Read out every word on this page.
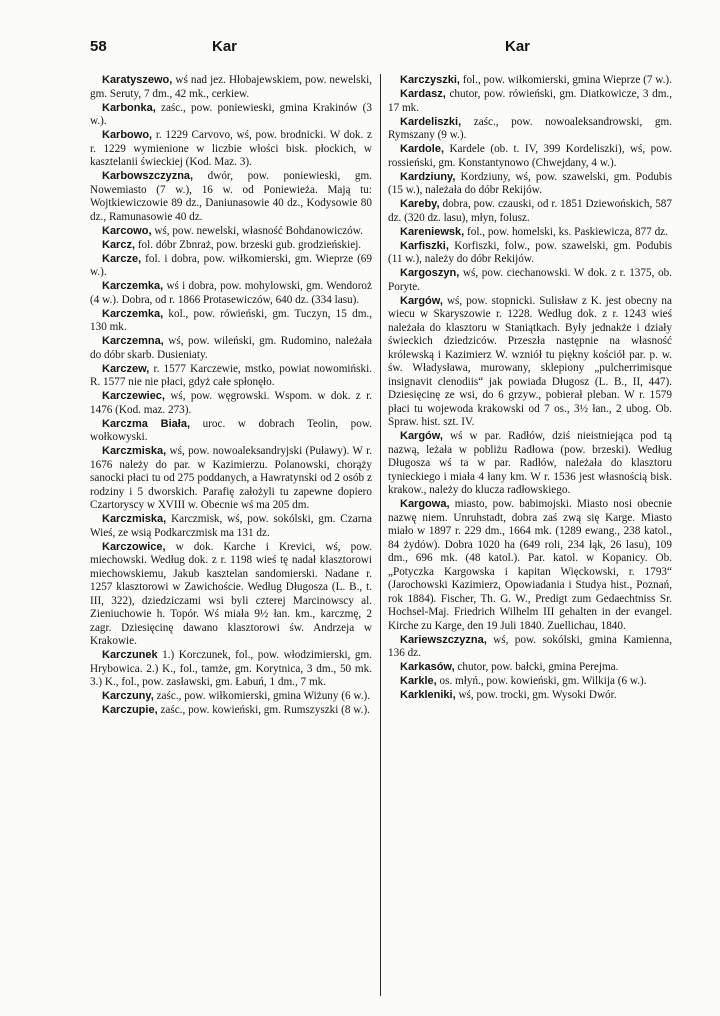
58	Kar	Kar

Karatyszewo, wś nad jez. Hłobajewskiem, pow. newelski, gm. Seruty, 7 dm., 42 mk., cerkiew.

Karbonka, zaśc., pow. poniewieski, gmina Krakinów (3 w.).

Karbowo, r. 1229 Carvovo, wś, pow. brodnicki. W dok. z r. 1229 wymienione w liczbie włości bisk. płockich, w kasztelanii świeckiej (Kod. Maz. 3).

Karbowszczyzna, dwór, pow. poniewieski, gm. Nowemiasto (7 w.), 16 w. od Poniewieża. Mają tu: Wojtkiewiczowie 89 dz., Daniunasowie 40 dz., Kodysowie 80 dz., Ramunasowie 40 dz.

Karcowo, wś, pow. newelski, własność Bohdanowiczów.

Karcz, fol. dóbr Zbnraż, pow. brzeski gub. grodzieńskiej.

Karcze, fol. i dobra, pow. wiłkomierski, gm. Wieprze (69 w.).

Karczemka, wś i dobra, pow. mohylowski, gm. Wendoroż (4 w.). Dobra, od r. 1866 Protasewiczów, 640 dz. (334 lasu).

Karczemka, kol., pow. rówieński, gm. Tuczyn, 15 dm., 130 mk.

Karczemna, wś, pow. wileński, gm. Rudomino, należała do dóbr skarb. Dusieniaty.

Karczew, r. 1577 Karczewie, mstko, powiat nowomiński. R. 1577 nie nie płaci, gdyż całe spłonęło.

Karczewiec, wś, pow. węgrowski. Wspom. w dok. z r. 1476 (Kod. maz. 273).

Karczma Biała, uroc. w dobrach Teolin, pow. wołkowyski.

Karczmiska, wś, pow. nowoaleksandryjski (Puławy). W r. 1676 należy do par. w Kazimierzu. Polanowski, chorąży sanocki płaci tu od 275 poddanych, a Hawratynski od 2 osób z rodziny i 5 dworskich. Parafię założyli tu zapewne dopiero Czartoryscy w XVIII w. Obecnie wś ma 205 dm.

Karczmiska, Karczmisk, wś, pow. sokólski, gm. Czarna Wieś, ze wsią Podkarczmisk ma 131 dz.

Karczowice, w dok. Karche i Krevici, wś, pow. miechowski. Według dok. z r. 1198 wieś tę nadał klasztorowi miechowskiemu, Jakub kasztelan sandomierski. Nadane r. 1257 klasztorowi w Zawichoście. Według Długosza (L. B., t. III, 322), dziedziczami wsi byli czterej Marcinowscy al. Zieniuchowie h. Topór. Wś miała 9½ łan. km., karczmę, 2 zagr. Dziesięcinę dawano klasztorowi św. Andrzeja w Krakowie.

Karczunek 1.) Korczunek, fol., pow. włodzimierski, gm. Hrybowica. 2.) K., fol., tamże, gm. Korytnica, 3 dm., 50 mk. 3.) K., fol., pow. zasławski, gm. Łabuń, 1 dm., 7 mk.

Karczuny, zaśc., pow. wiłkomierski, gmina Wiżuny (6 w.).

Karczupie, zaśc., pow. kowieński, gm. Rumszyszki (8 w.).

Karczyszki, fol., pow. wiłkomierski, gmina Wieprze (7 w.).

Kardasz, chutor, pow. rówieński, gm. Diatkowicze, 3 dm., 17 mk.

Kardeliszki, zaśc., pow. nowoaleksandrowski, gm. Rymszany (9 w.).

Kardole, Kardele (ob. t. IV, 399 Kordeliszki), wś, pow. rossieński, gm. Konstantynowo (Chwejdany, 4 w.).

Kardziuny, Kordziuny, wś, pow. szawelski, gm. Podubis (15 w.), należała do dóbr Rekijów.

Kareby, dobra, pow. czauski, od r. 1851 Dziewońskich, 587 dz. (320 dz. lasu), młyn, folusz.

Kareniewsk, fol., pow. homelski, ks. Paskiewicza, 877 dz.

Karfiszki, Korfiszki, folw., pow. szawelski, gm. Podubis (11 w.), należy do dóbr Rekijów.

Kargoszyn, wś, pow. ciechanowski. W dok. z r. 1375, ob. Poryte.

Kargów, wś, pow. stopnicki. Sulisław z K. jest obecny na wiecu w Skaryszowie r. 1228. Według dok. z r. 1243 wieś należała do klasztoru w Staniątkach. Były jednakże i działy świeckich dziedziców. Przeszła następnie na własność królewską i Kazimierz W. wzniół tu piękny kościół par. p. w. św. Władysława, murowany, sklepiony „pulcherrimisque insignavit clenodiis“ jak powiada Długosz (L. B., II, 447). Dziesięcinę ze wsi, do 6 grzyw., pobierał pleban. W r. 1579 płaci tu wojewoda krakowski od 7 os., 3½ łan., 2 ubog. Ob. Spraw. hist. szt. IV.

Kargów, wś w par. Radłów, dziś nieistniejąca pod tą nazwą, leżała w pobliżu Radłowa (pow. brzeski). Według Długosza wś ta w par. Radłów, należała do klasztoru tynieckiego i miała 4 łany km. W r. 1536 jest własnością bisk. krakow., należy do klucza radłowskiego.

Kargowa, miasto, pow. babimojski. Miasto nosi obecnie nazwę niem. Unruhstadt, dobra zaś zwą się Karge. Miasto miało w 1897 r. 229 dm., 1664 mk. (1289 ewang., 238 katol., 84 żydów). Dobra 1020 ha (649 roli, 234 łąk, 26 lasu), 109 dm., 696 mk. (48 katol.). Par. katol. w Kopanicy. Ob. „Potyczka Kargowska i kapitan Więckowski, r. 1793“ (Jarochowski Kazimierz, Opowiadania i Studya hist., Poznań, rok 1884). Fischer, Th. G. W., Predigt zum Gedaechtniss Sr. Hochsel-Maj. Friedrich Wilhelm III gehalten in der evangel. Kirche zu Karge, den 19 Juli 1840. Zuellichau, 1840.

Kariewszczyzna, wś, pow. sokólski, gmina Kamienna, 136 dz.

Karkasów, chutor, pow. bałcki, gmina Perejma.

Karkle, os. młyń., pow. kowieński, gm. Wilkija (6 w.).

Karkleniki, wś, pow. trocki, gm. Wysoki Dwór.
